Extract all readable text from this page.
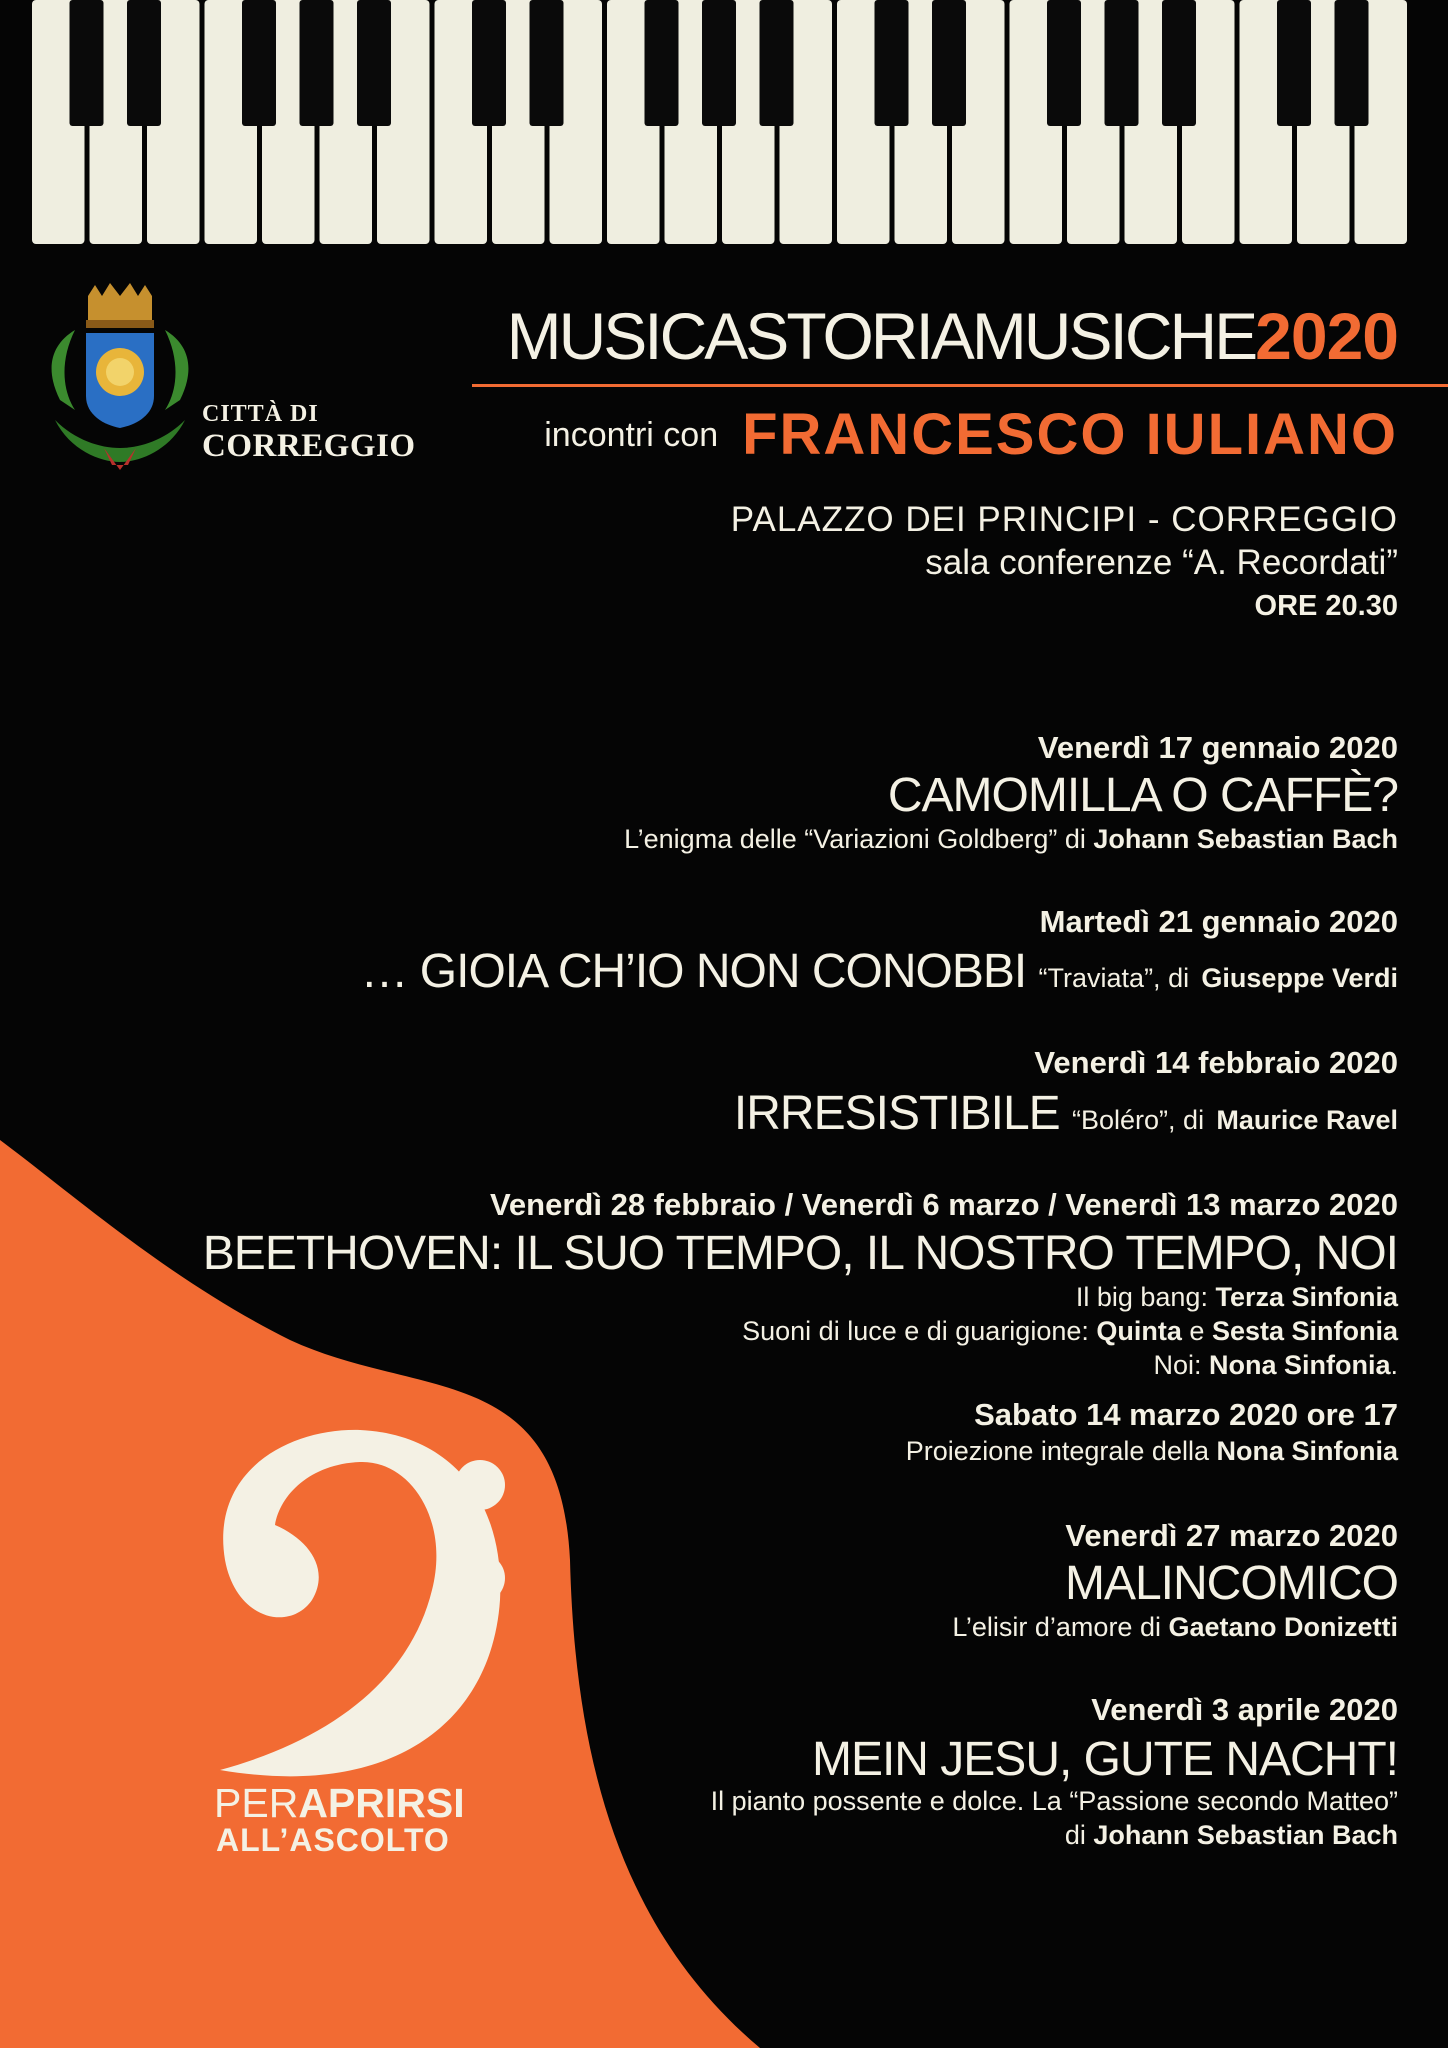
CITTÀ DI
CORREGGIO
MUSICASTORIAMUSICHE2020
incontri con FRANCESCO IULIANO
PALAZZO DEI PRINCIPI - CORREGGIO
sala conferenze “A. Recordati”
ORE 20.30
Venerdì 17 gennaio 2020
CAMOMILLA O CAFFÈ?
L’enigma delle “Variazioni Goldberg” di Johann Sebastian Bach
Martedì 21 gennaio 2020
… GIOIA CH’IO NON CONOBBI “Traviata”, di Giuseppe Verdi
Venerdì 14 febbraio 2020
IRRESISTIBILE “Boléro”, di Maurice Ravel
Venerdì 28 febbraio / Venerdì 6 marzo / Venerdì 13 marzo 2020
BEETHOVEN: IL SUO TEMPO, IL NOSTRO TEMPO, NOI
Il big bang: Terza Sinfonia
Suoni di luce e di guarigione: Quinta e Sesta Sinfonia
Noi: Nona Sinfonia.
Sabato 14 marzo 2020 ore 17
Proiezione integrale della Nona Sinfonia
Venerdì 27 marzo 2020
MALINCOMICO
L’elisir d’amore di Gaetano Donizetti
Venerdì 3 aprile 2020
MEIN JESU, GUTE NACHT!
Il pianto possente e dolce. La “Passione secondo Matteo”
di Johann Sebastian Bach
PERAPRIRSI
ALL’ASCOLTO
